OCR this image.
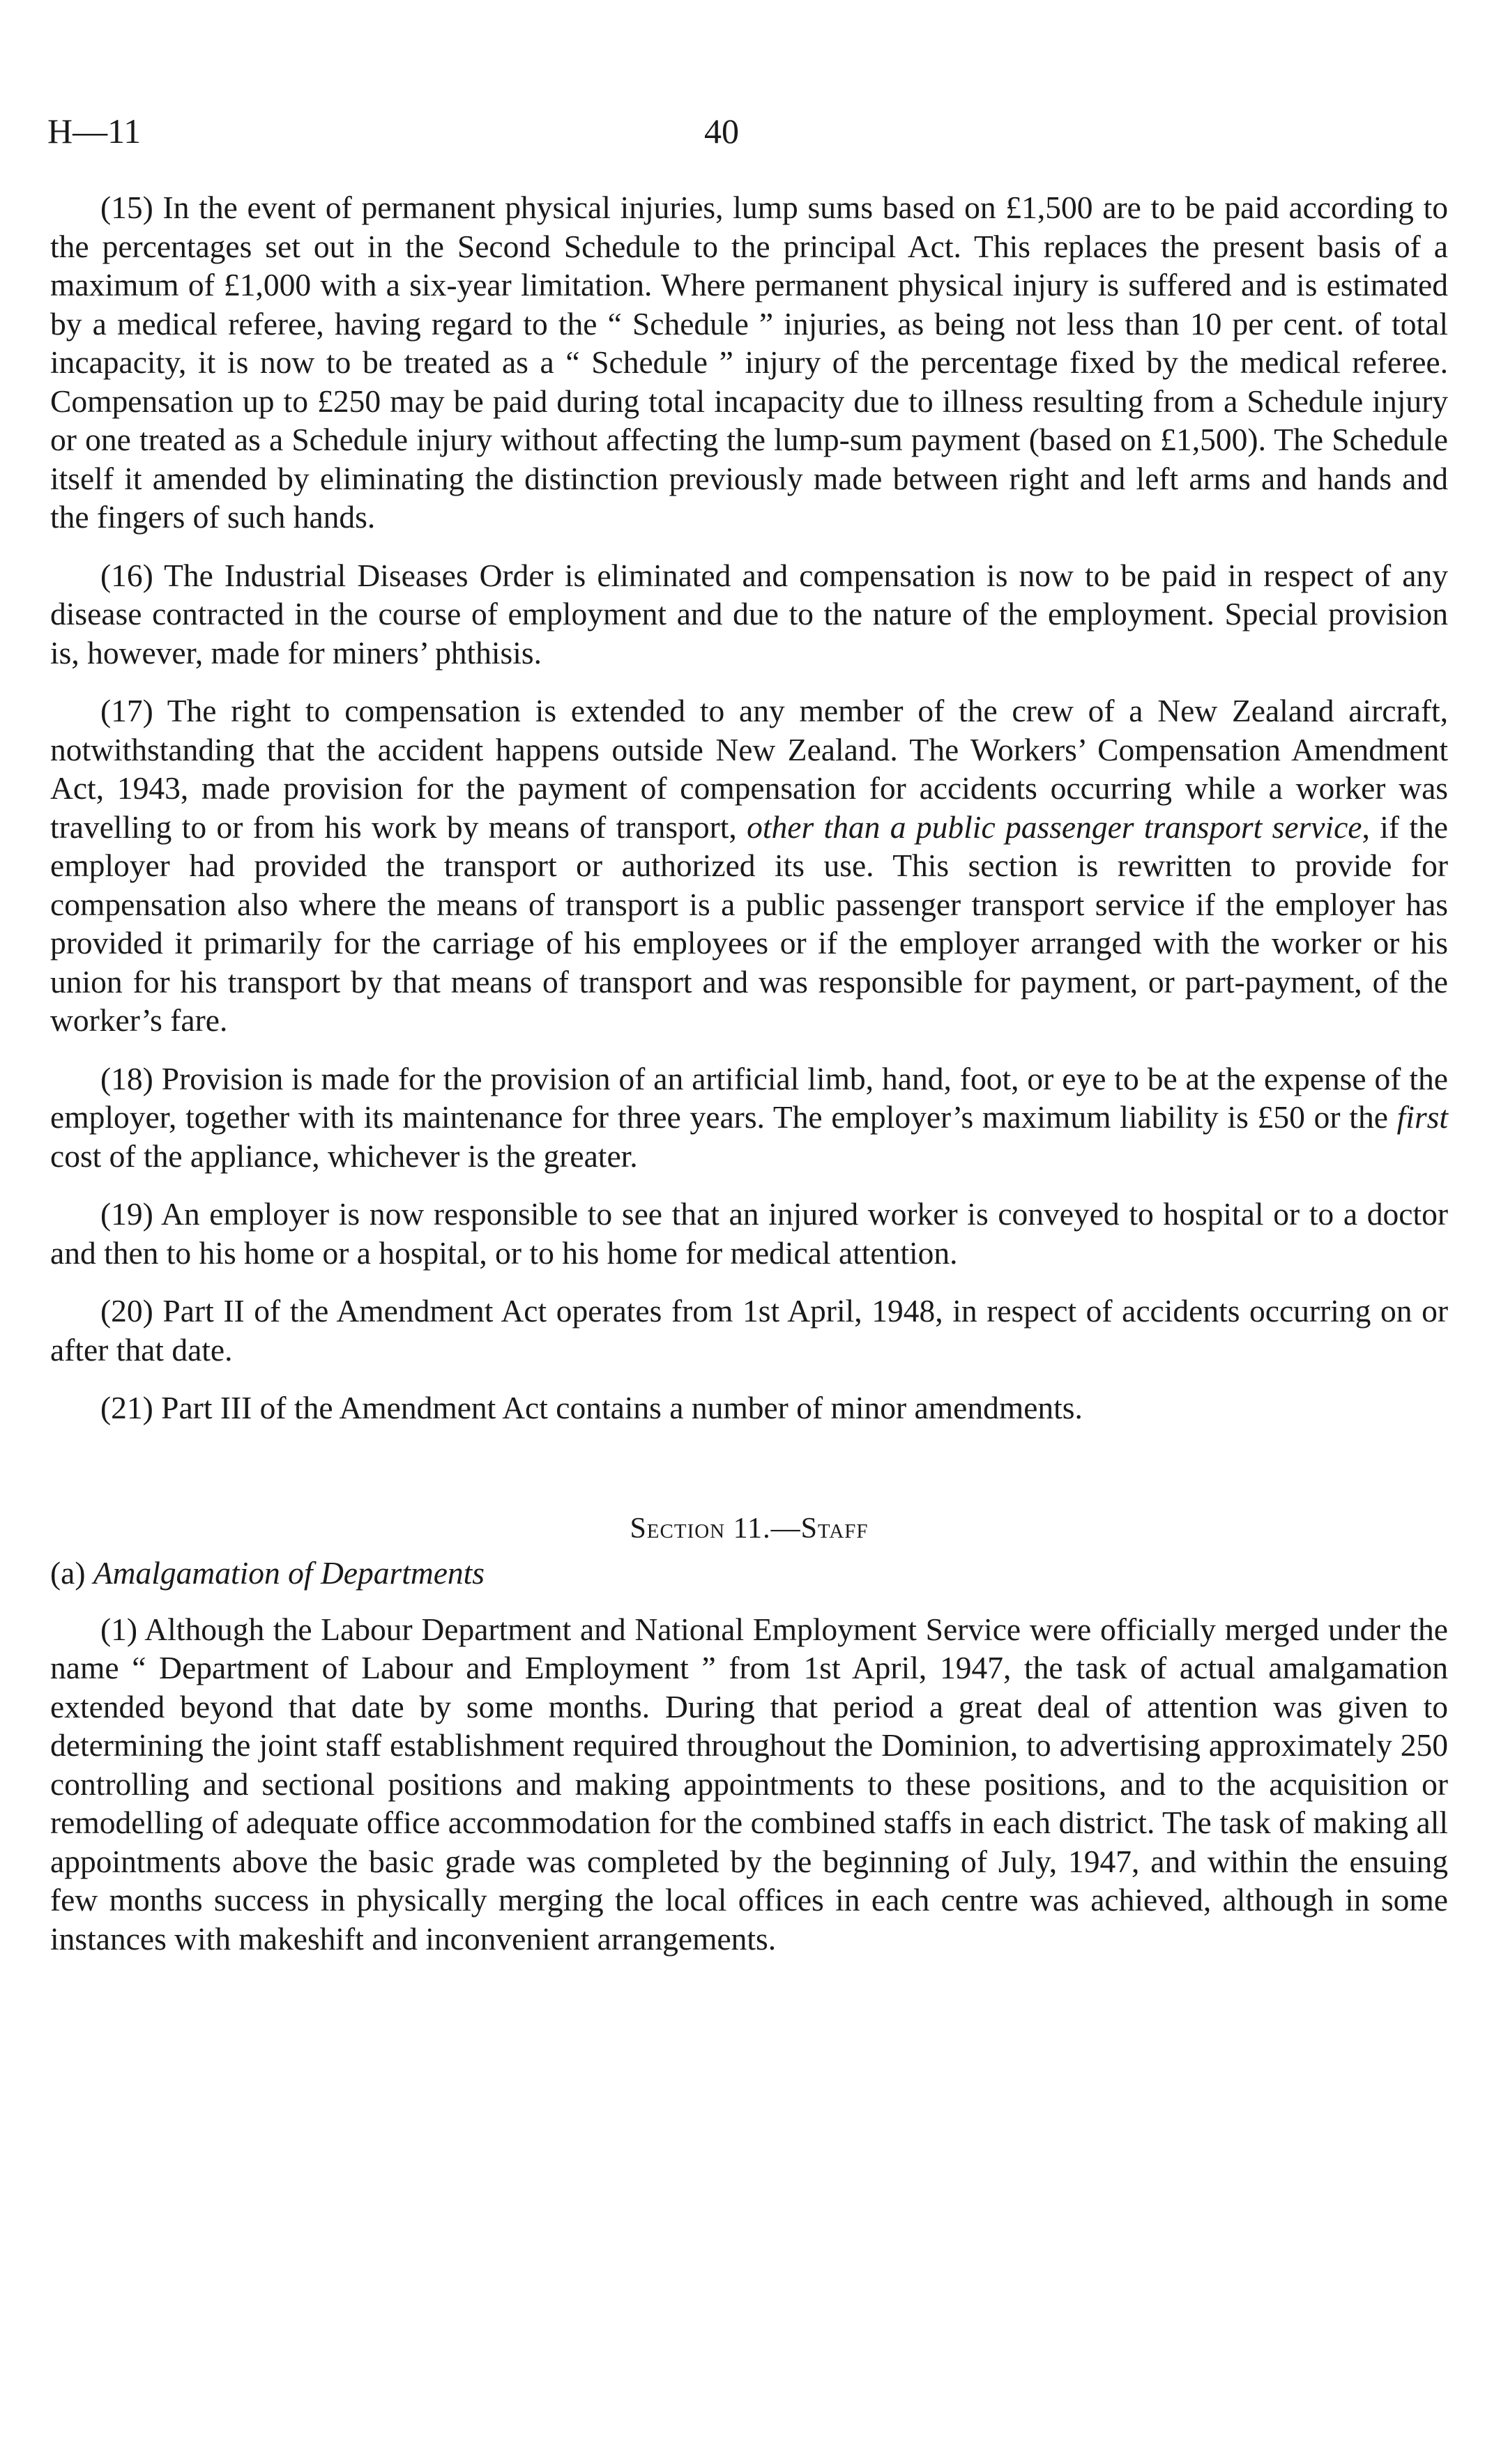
H—11	40

(15) In the event of permanent physical injuries, lump sums based on £1,500 are to be paid according to the percentages set out in the Second Schedule to the principal Act. This replaces the present basis of a maximum of £1,000 with a six-year limitation. Where permanent physical injury is suffered and is estimated by a medical referee, having regard to the “ Schedule ” injuries, as being not less than 10 per cent. of total incapacity, it is now to be treated as a “ Schedule ” injury of the percentage fixed by the medical referee. Compensation up to £250 may be paid during total incapacity due to illness resulting from a Schedule injury or one treated as a Schedule injury without affecting the lump-sum payment (based on £1,500). The Schedule itself it amended by eliminating the distinction previously made between right and left arms and hands and the fingers of such hands.

(16) The Industrial Diseases Order is eliminated and compensation is now to be paid in respect of any disease contracted in the course of employment and due to the nature of the employment. Special provision is, however, made for miners’ phthisis.

(17) The right to compensation is extended to any member of the crew of a New Zealand aircraft, notwithstanding that the accident happens outside New Zealand. The Workers’ Compensation Amendment Act, 1943, made provision for the payment of compensation for accidents occurring while a worker was travelling to or from his work by means of transport, other than a public passenger transport service, if the employer had provided the transport or authorized its use. This section is rewritten to provide for compensation also where the means of transport is a public passenger transport service if the employer has provided it primarily for the carriage of his employees or if the employer arranged with the worker or his union for his transport by that means of transport and was responsible for payment, or part-payment, of the worker’s fare.

(18) Provision is made for the provision of an artificial limb, hand, foot, or eye to be at the expense of the employer, together with its maintenance for three years. The employer’s maximum liability is £50 or the first cost of the appliance, whichever is the greater.

(19) An employer is now responsible to see that an injured worker is conveyed to hospital or to a doctor and then to his home or a hospital, or to his home for medical attention.

(20) Part II of the Amendment Act operates from 1st April, 1948, in respect of accidents occurring on or after that date.

(21) Part III of the Amendment Act contains a number of minor amendments.

Section 11.—Staff
(a) Amalgamation of Departments

(1) Although the Labour Department and National Employment Service were officially merged under the name “ Department of Labour and Employment ” from 1st April, 1947, the task of actual amalgamation extended beyond that date by some months. During that period a great deal of attention was given to determining the joint staff establishment required throughout the Dominion, to advertising approximately 250 controlling and sectional positions and making appointments to these positions, and to the acquisition or remodelling of adequate office accommodation for the combined staffs in each district. The task of making all appointments above the basic grade was completed by the beginning of July, 1947, and within the ensuing few months success in physically merging the local offices in each centre was achieved, although in some instances with makeshift and inconvenient arrangements.
